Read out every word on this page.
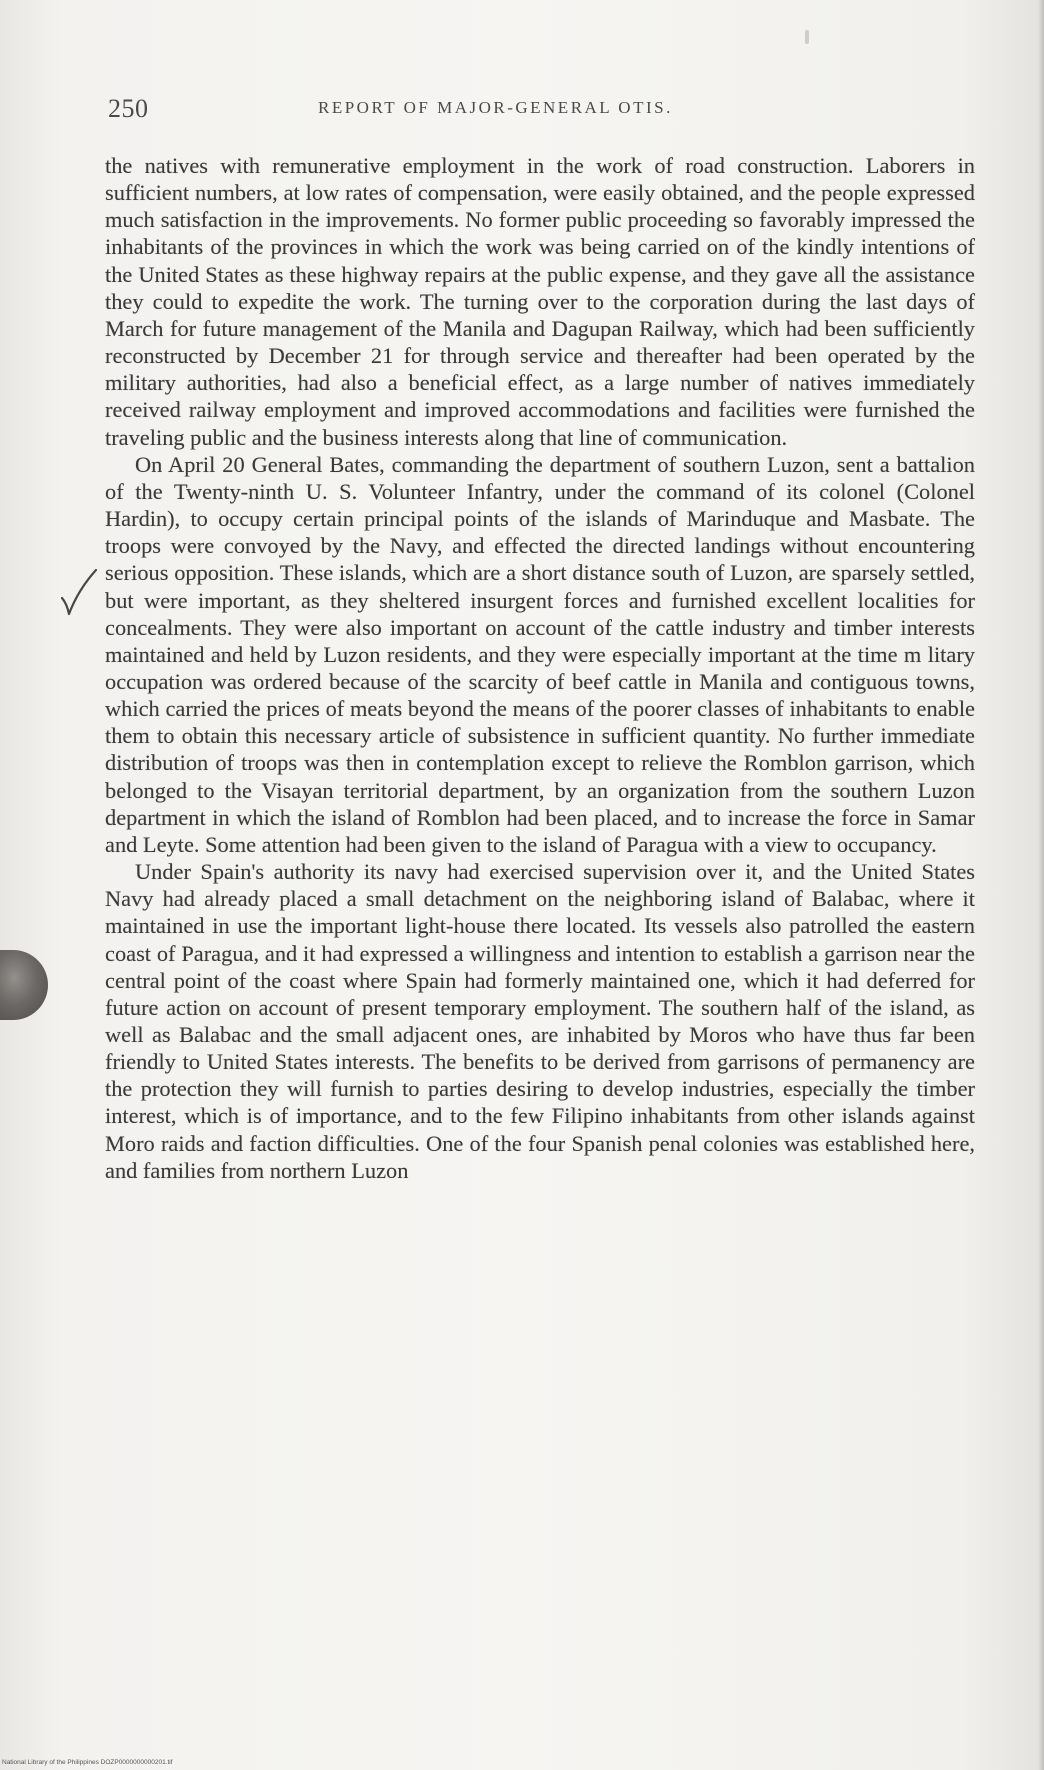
250	REPORT OF MAJOR-GENERAL OTIS.

the natives with remunerative employment in the work of road construction. Laborers in sufficient numbers, at low rates of compensation, were easily obtained, and the people expressed much satisfaction in the improvements. No former public proceeding so favorably impressed the inhabitants of the provinces in which the work was being carried on of the kindly intentions of the United States as these highway repairs at the public expense, and they gave all the assistance they could to expedite the work. The turning over to the corporation during the last days of March for future management of the Manila and Dagupan Railway, which had been sufficiently reconstructed by December 21 for through service and thereafter had been operated by the military authorities, had also a beneficial effect, as a large number of natives immediately received railway employment and improved accommodations and facilities were furnished the traveling public and the business interests along that line of communication.

On April 20 General Bates, commanding the department of southern Luzon, sent a battalion of the Twenty-ninth U. S. Volunteer Infantry, under the command of its colonel (Colonel Hardin), to occupy certain principal points of the islands of Marinduque and Masbate. The troops were convoyed by the Navy, and effected the directed landings without encountering serious opposition. These islands, which are a short distance south of Luzon, are sparsely settled, but were important, as they sheltered insurgent forces and furnished excellent localities for concealments. They were also important on account of the cattle industry and timber interests maintained and held by Luzon residents, and they were especially important at the time m litary occupation was ordered because of the scarcity of beef cattle in Manila and contiguous towns, which carried the prices of meats beyond the means of the poorer classes of inhabitants to enable them to obtain this necessary article of subsistence in sufficient quantity. No further immediate distribution of troops was then in contemplation except to relieve the Romblon garrison, which belonged to the Visayan territorial department, by an organization from the southern Luzon department in which the island of Romblon had been placed, and to increase the force in Samar and Leyte. Some attention had been given to the island of Paragua with a view to occupancy.

Under Spain's authority its navy had exercised supervision over it, and the United States Navy had already placed a small detachment on the neighboring island of Balabac, where it maintained in use the important light-house there located. Its vessels also patrolled the eastern coast of Paragua, and it had expressed a willingness and intention to establish a garrison near the central point of the coast where Spain had formerly maintained one, which it had deferred for future action on account of present temporary employment. The southern half of the island, as well as Balabac and the small adjacent ones, are inhabited by Moros who have thus far been friendly to United States interests. The benefits to be derived from garrisons of permanency are the protection they will furnish to parties desiring to develop industries, especially the timber interest, which is of importance, and to the few Filipino inhabitants from other islands against Moro raids and faction difficulties. One of the four Spanish penal colonies was established here, and families from northern Luzon

National Library of the Philippines DOZP0000000000201.tif
